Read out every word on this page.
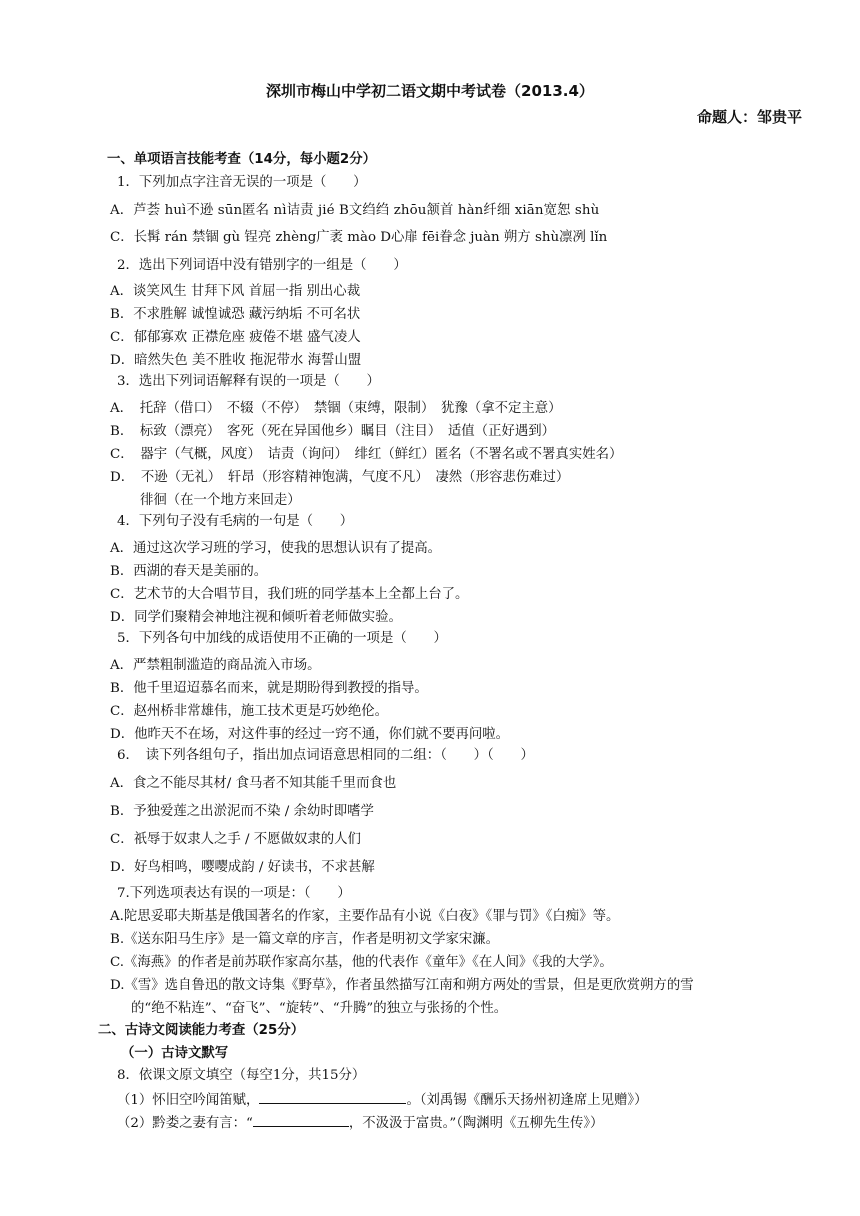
深圳市梅山中学初二语文期中考试卷（2013.4）
命题人：邹贵平
一、单项语言技能考查（14分，每小题2分）
1．下列加点字注音无误的一项是（　　）
A．芦荟 huì不逊 sūn匿名 nì诘责 jié B文绉绉 zhōu颔首 hàn纤细 xiān宽恕 shù
C．长髯 rán 禁锢 gù 锃亮 zhèng广袤 mào D心扉 fēi眷念 juàn 朔方 shù凛冽 lǐn
2．选出下列词语中没有错别字的一组是（　　）
A．谈笑风生 甘拜下风 首屈一指 别出心裁
B．不求胜解 诚惶诚恐 藏污纳垢 不可名状
C．郁郁寡欢 正襟危座 疲倦不堪 盛气凌人
D．暗然失色 美不胜收 拖泥带水 海誓山盟
3．选出下列词语解释有误的一项是（　　）
A．　托辞（借口）　不辍（不停）　禁锢（束缚，限制）　犹豫（拿不定主意）
B．　标致（漂亮）　客死（死在异国他乡）瞩目（注目）　适值（正好遇到）
C．　器宇（气概，风度）　诘责（询问）　绯红（鲜红）匿名（不署名或不署真实姓名）
D．　不逊（无礼）　轩昂（形容精神饱满，气度不凡）　凄然（形容悲伤难过）
徘徊（在一个地方来回走）
4．下列句子没有毛病的一句是（　　）
A．通过这次学习班的学习，使我的思想认识有了提高。
B．西湖的春天是美丽的。
C．艺术节的大合唱节目，我们班的同学基本上全都上台了。
D．同学们聚精会神地注视和倾听着老师做实验。
5．下列各句中加线的成语使用不正确的一项是（　　）
A．严禁粗制滥造的商品流入市场。
B．他千里迢迢慕名而来，就是期盼得到教授的指导。
C．赵州桥非常雄伟，施工技术更是巧妙绝伦。
D．他昨天不在场，对这件事的经过一窍不通，你们就不要再问啦。
6．　读下列各组句子，指出加点词语意思相同的二组：（　　）（　　）
A．食之不能尽其材/ 食马者不知其能千里而食也
B．予独爱莲之出淤泥而不染 / 余幼时即嗜学
C．祇辱于奴隶人之手 / 不愿做奴隶的人们
D．好鸟相鸣，嘤嘤成韵 / 好读书，不求甚解
7.下列选项表达有误的一项是：（　　）
A.陀思妥耶夫斯基是俄国著名的作家，主要作品有小说《白夜》《罪与罚》《白痴》等。
B.《送东阳马生序》是一篇文章的序言，作者是明初文学家宋濂。
C.《海燕》的作者是前苏联作家高尔基，他的代表作《童年》《在人间》《我的大学》。
D.《雪》选自鲁迅的散文诗集《野草》，作者虽然描写江南和朔方两处的雪景，但是更欣赏朔方的雪
的“绝不粘连”、“奋飞”、“旋转”、“升腾”的独立与张扬的个性。
二、古诗文阅读能力考查（25分）
（一）古诗文默写
8．依课文原文填空（每空1分，共15分）
（1）怀旧空吟闻笛赋，	。（刘禹锡《酬乐天扬州初逢席上见赠》）
（2）黔娄之妻有言：“	，不汲汲于富贵。”（陶渊明《五柳先生传》）
